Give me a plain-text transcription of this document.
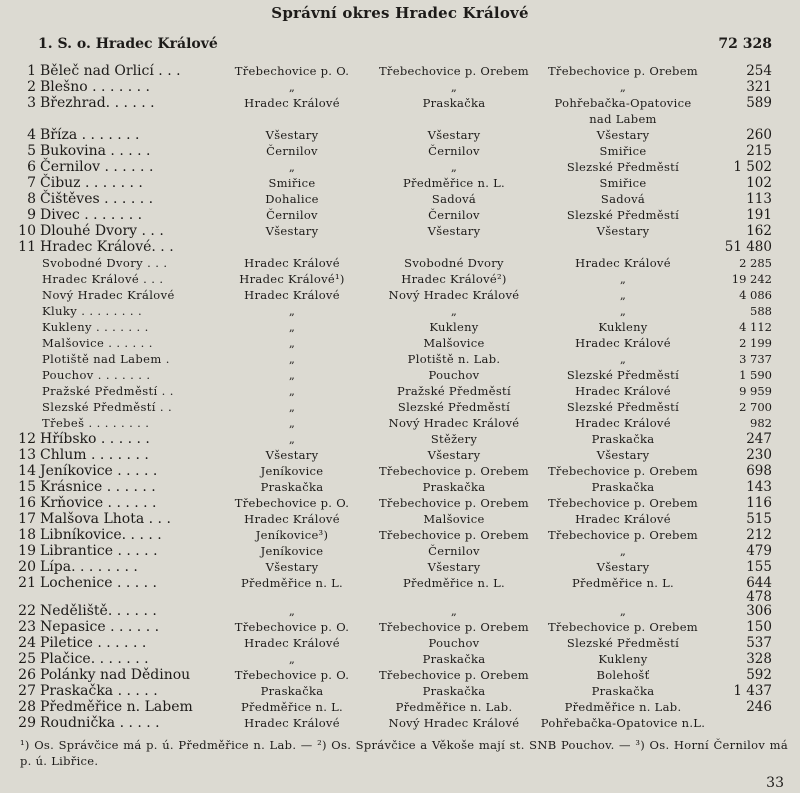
Správní okres Hradec Králové
1. S. o. Hradec Králové	72 328
1 Běleč nad Orlicí . . .	Třebechovice p. O.	Třebechovice p. Orebem	Třebechovice p. Orebem	254
2 Blešno . . . . . . .	„	„	„	321
3 Březhrad. . . . . .	Hradec Králové	Praskačka	Pohřebačka-Opatovice	589
nad Labem
4 Bříza . . . . . . .	Všestary	Všestary	Všestary	260
5 Bukovina . . . . .	Černilov	Černilov	Smiřice	215
6 Černilov . . . . . .	„	„	Slezské Předměstí	1 502
7 Čibuz . . . . . . .	Smiřice	Předměřice n. L.	Smiřice	102
8 Čištěves . . . . . .	Dohalice	Sadová	Sadová	113
9 Divec . . . . . . .	Černilov	Černilov	Slezské Předměstí	191
10 Dlouhé Dvory . . .	Všestary	Všestary	Všestary	162
11 Hradec Králové. . .	51 480
Svobodné Dvory . . .	Hradec Králové	Svobodné Dvory	Hradec Králové	2 285
Hradec Králové . . .	Hradec Králové¹)	Hradec Králové²)	„	19 242
Nový Hradec Králové	Hradec Králové	Nový Hradec Králové	„	4 086
Kluky . . . . . . . .	„	„	„	588
Kukleny . . . . . . .	„	Kukleny	Kukleny	4 112
Malšovice . . . . . .	„	Malšovice	Hradec Králové	2 199
Plotiště nad Labem .	„	Plotiště n. Lab.	„	3 737
Pouchov . . . . . . .	„	Pouchov	Slezské Předměstí	1 590
Pražské Předměstí . .	„	Pražské Předměstí	Hradec Králové	9 959
Slezské Předměstí . .	„	Slezské Předměstí	Slezské Předměstí	2 700
Třebeš . . . . . . . .	„	Nový Hradec Králové	Hradec Králové	982
12 Hříbsko . . . . . .	„	Stěžery	Praskačka	247
13 Chlum . . . . . . .	Všestary	Všestary	Všestary	230
14 Jeníkovice . . . . .	Jeníkovice	Třebechovice p. Orebem	Třebechovice p. Orebem	698
15 Krásnice . . . . . .	Praskačka	Praskačka	Praskačka	143
16 Krňovice . . . . . .	Třebechovice p. O.	Třebechovice p. Orebem	Třebechovice p. Orebem	116
17 Malšova Lhota . . .	Hradec Králové	Malšovice	Hradec Králové	515
18 Libníkovice. . . . .	Jeníkovice³)	Třebechovice p. Orebem	Třebechovice p. Orebem	212
19 Librantice . . . . .	Jeníkovice	Černilov	„	479
20 Lípa. . . . . . . .	Všestary	Všestary	Všestary	155
21 Lochenice . . . . .	Předměřice n. L.	Předměřice n. L.	Předměřice n. L.	644
478
22 Neděliště. . . . . .	„	„	„	306
23 Nepasice . . . . . .	Třebechovice p. O.	Třebechovice p. Orebem	Třebechovice p. Orebem	150
24 Piletice . . . . . .	Hradec Králové	Pouchov	Slezské Předměstí	537
25 Plačice. . . . . . .	„	Praskačka	Kukleny	328
26 Polánky nad Dědinou	Třebechovice p. O.	Třebechovice p. Orebem	Bolehošť	592
27 Praskačka . . . . .	Praskačka	Praskačka	Praskačka	1 437
28 Předměřice n. Labem	Předměřice n. L.	Předměřice n. Lab.	Předměřice n. Lab.	246
29 Roudnička . . . . .	Hradec Králové	Nový Hradec Králové	Pohřebačka-Opatovice n.L.
¹) Os. Správčice má p. ú. Předměřice n. Lab. — ²) Os. Správčice a Věkoše mají st. SNB Pouchov. — ³) Os. Horní Černilov má p. ú. Libřice.
33
